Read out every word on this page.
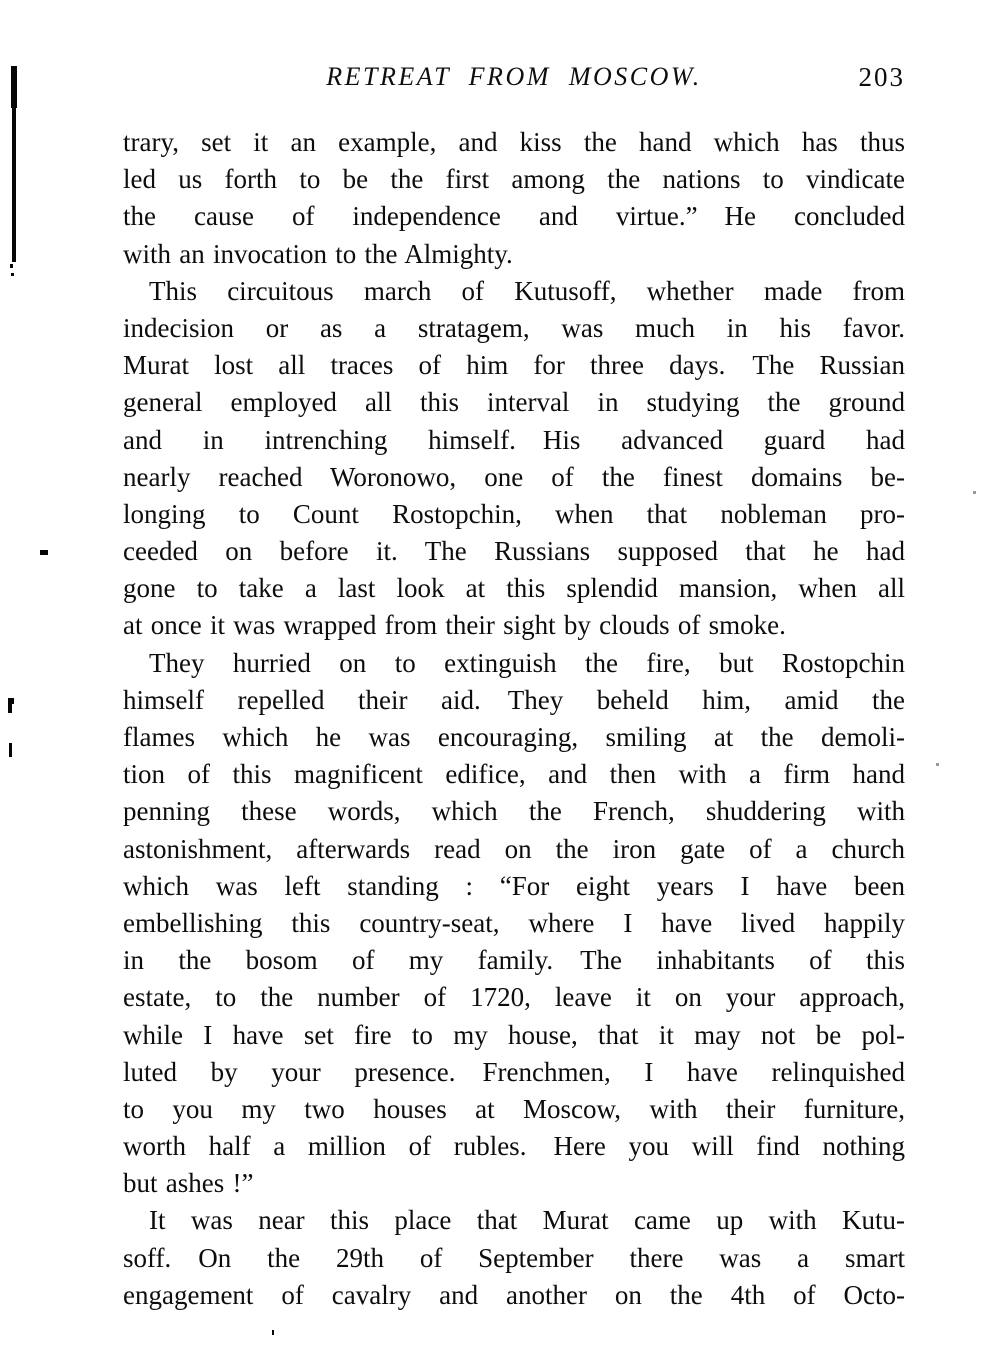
RETREAT FROM MOSCOW.	203
trary, set it an example, and kiss the hand which has thus
led us forth to be the first among the nations to vindicate
the cause of independence and virtue.” He concluded
with an invocation to the Almighty.
This circuitous march of Kutusoff, whether made from
indecision or as a stratagem, was much in his favor.
Murat lost all traces of him for three days. The Russian
general employed all this interval in studying the ground
and in intrenching himself. His advanced guard had
nearly reached Woronowo, one of the finest domains be-
longing to Count Rostopchin, when that nobleman pro-
ceeded on before it. The Russians supposed that he had
gone to take a last look at this splendid mansion, when all
at once it was wrapped from their sight by clouds of smoke.
They hurried on to extinguish the fire, but Rostopchin
himself repelled their aid. They beheld him, amid the
flames which he was encouraging, smiling at the demoli-
tion of this magnificent edifice, and then with a firm hand
penning these words, which the French, shuddering with
astonishment, afterwards read on the iron gate of a church
which was left standing : “For eight years I have been
embellishing this country-seat, where I have lived happily
in the bosom of my family. The inhabitants of this
estate, to the number of 1720, leave it on your approach,
while I have set fire to my house, that it may not be pol-
luted by your presence. Frenchmen, I have relinquished
to you my two houses at Moscow, with their furniture,
worth half a million of rubles. Here you will find nothing
but ashes !”
It was near this place that Murat came up with Kutu-
soff. On the 29th of September there was a smart
engagement of cavalry and another on the 4th of Octo-
